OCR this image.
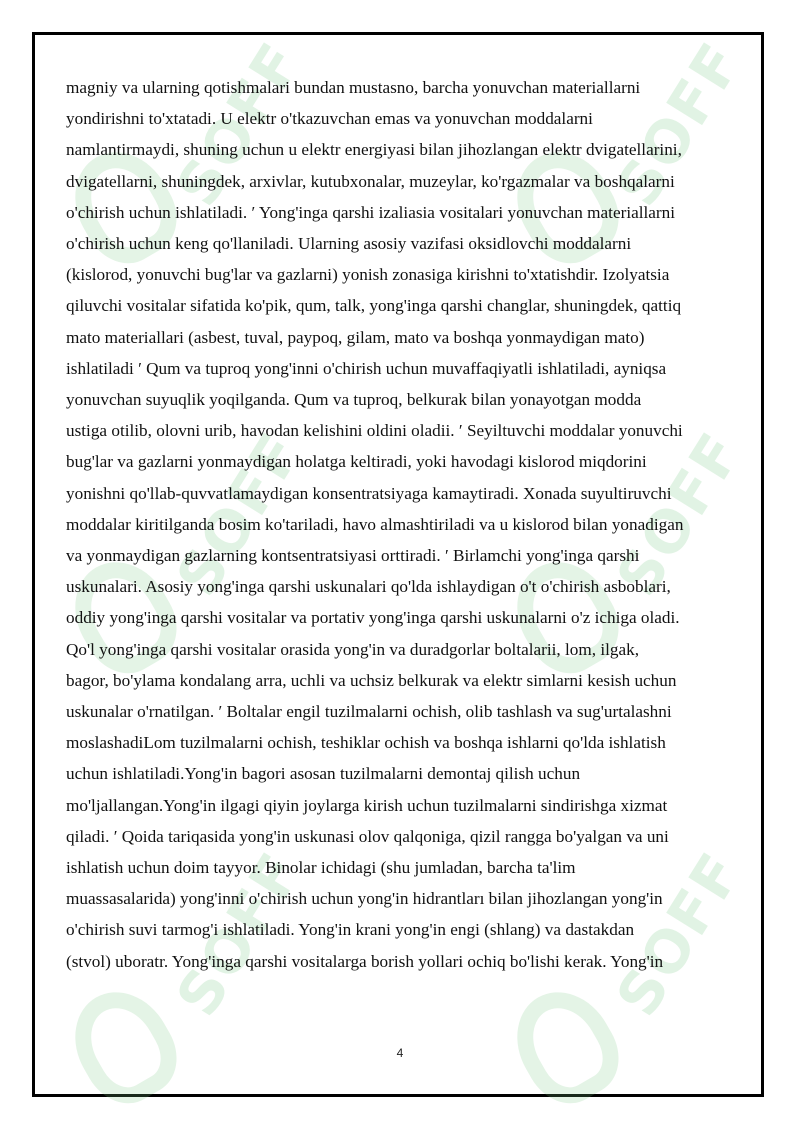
SOFF	SOFF
SOFF	SOFF
SOFF	SOFF
magniy va ularning qotishmalari bundan mustasno, barcha yonuvchan materiallarni
yondirishni to'xtatadi. U elektr o'tkazuvchan emas va yonuvchan moddalarni
namlantirmaydi, shuning uchun u elektr energiyasi bilan jihozlangan elektr dvigatellarini,
dvigatellarni, shuningdek, arxivlar, kutubxonalar, muzeylar, ko'rgazmalar va boshqalarni
o'chirish uchun ishlatiladi. ′ Yong'inga qarshi izaliasia vositalari yonuvchan materiallarni
o'chirish uchun keng qo'llaniladi. Ularning asosiy vazifasi oksidlovchi moddalarni
(kislorod, yonuvchi bug'lar va gazlarni) yonish zonasiga kirishni to'xtatishdir. Izolyatsia
qiluvchi vositalar sifatida ko'pik, qum, talk, yong'inga qarshi changlar, shuningdek, qattiq
mato materiallari (asbest, tuval, paypoq, gilam, mato va boshqa yonmaydigan mato)
ishlatiladi ′ Qum va tuproq yong'inni o'chirish uchun muvaffaqiyatli ishlatiladi, ayniqsa
yonuvchan suyuqlik yoqilganda. Qum va tuproq, belkurak bilan yonayotgan modda
ustiga otilib, olovni urib, havodan kelishini oldini oladii. ′ Seyiltuvchi moddalar yonuvchi
bug'lar va gazlarni yonmaydigan holatga keltiradi, yoki havodagi kislorod miqdorini
yonishni qo'llab-quvvatlamaydigan konsentratsiyaga kamaytiradi. Xonada suyultiruvchi
moddalar kiritilganda bosim ko'tariladi, havo almashtiriladi va u kislorod bilan yonadigan
va yonmaydigan gazlarning kontsentratsiyasi orttiradi. ′ Birlamchi yong'inga qarshi
uskunalari. Asosiy yong'inga qarshi uskunalari qo'lda ishlaydigan o't o'chirish asboblari,
oddiy yong'inga qarshi vositalar va portativ yong'inga qarshi uskunalarni o'z ichiga oladi.
Qo'l yong'inga qarshi vositalar orasida yong'in va duradgorlar boltalarii, lom, ilgak,
bagor, bo'ylama kondalang arra, uchli va uchsiz belkurak va elektr simlarni kesish uchun
uskunalar o'rnatilgan. ′ Boltalar engil tuzilmalarni ochish, olib tashlash va sug'urtalashni
moslashadiLom tuzilmalarni ochish, teshiklar ochish va boshqa ishlarni qo'lda ishlatish
uchun ishlatiladi.Yong'in bagori asosan tuzilmalarni demontaj qilish uchun
mo'ljallangan.Yong'in ilgagi qiyin joylarga kirish uchun tuzilmalarni sindirishga xizmat
qiladi. ′ Qoida tariqasida yong'in uskunasi olov qalqoniga, qizil rangga bo'yalgan va uni
ishlatish uchun doim tayyor. Binolar ichidagi (shu jumladan, barcha ta'lim
muassasalarida) yong'inni o'chirish uchun yong'in hidrantları bilan jihozlangan yong'in
o'chirish suvi tarmog'i ishlatiladi. Yong'in krani yong'in engi (shlang) va dastakdan
(stvol) uboratr. Yong'inga qarshi vositalarga borish yollari ochiq bo'lishi kerak. Yong'in
4
